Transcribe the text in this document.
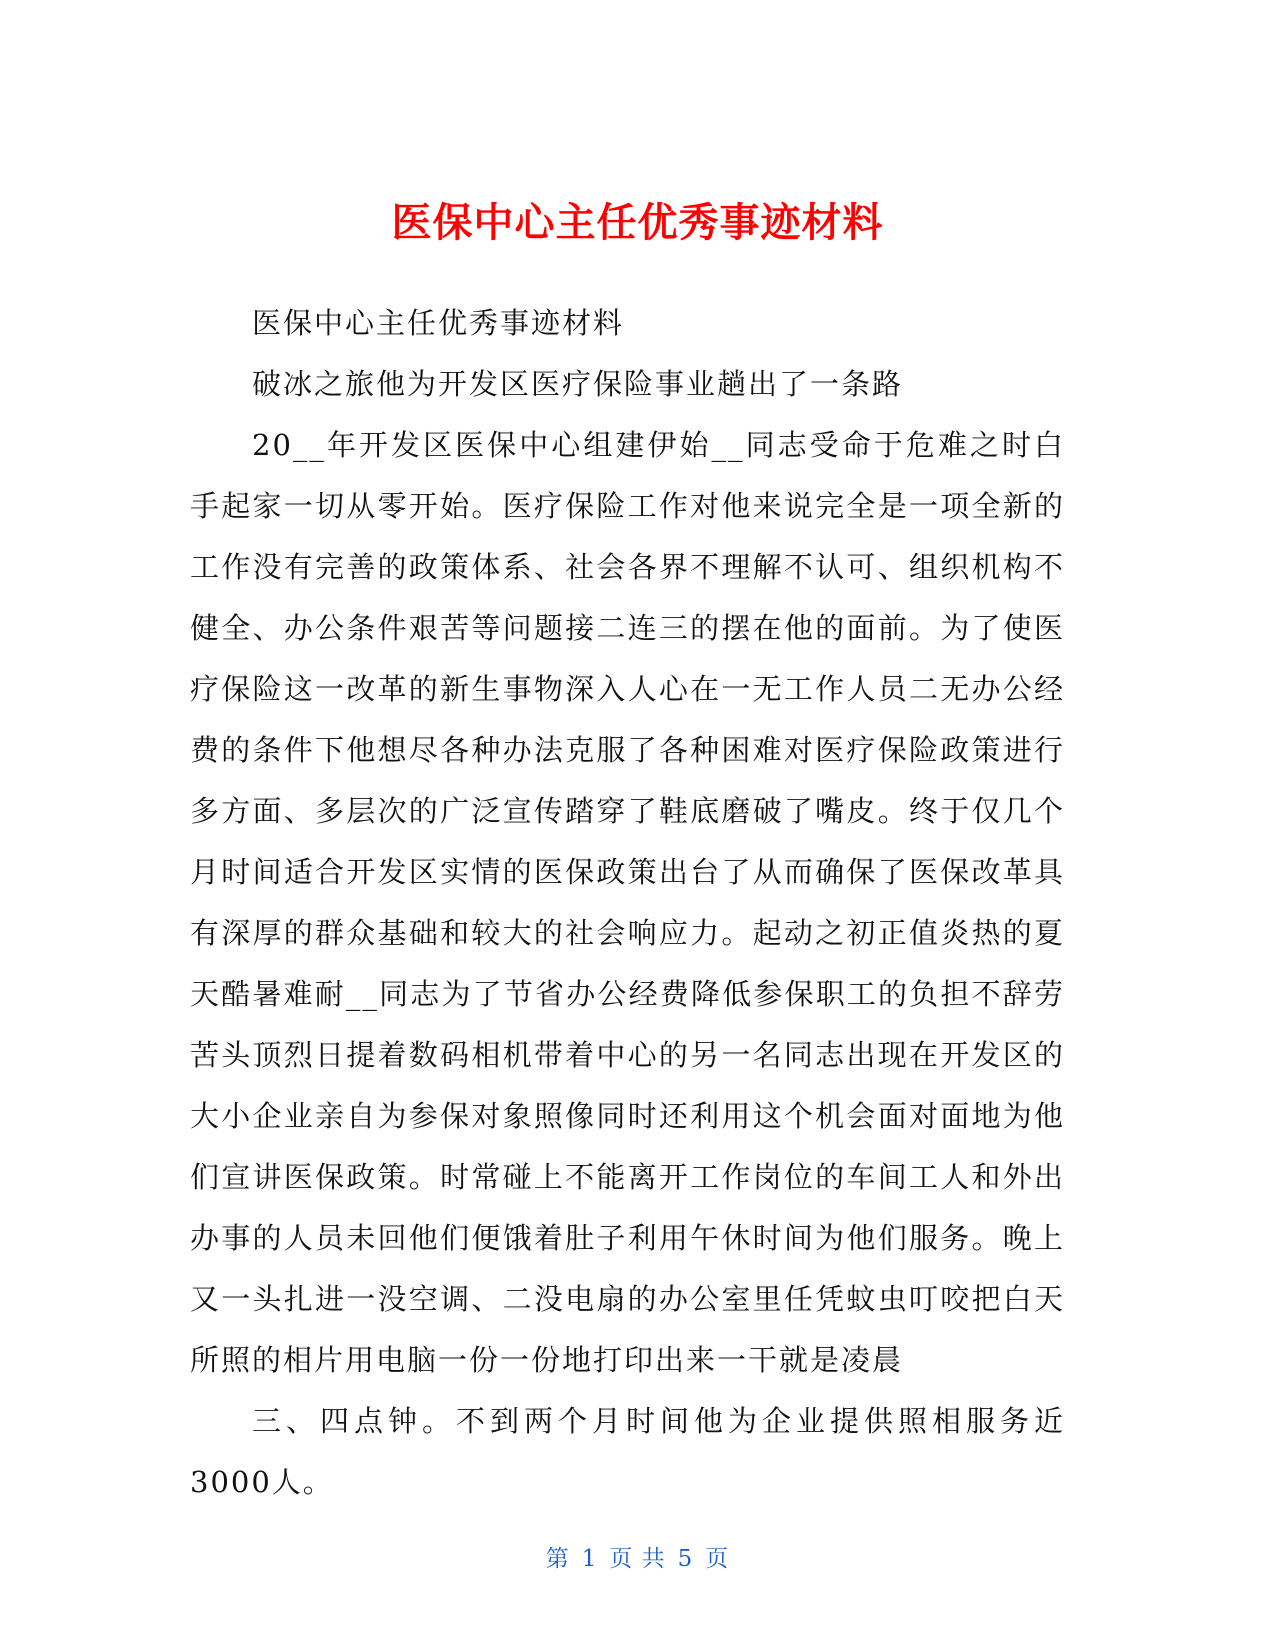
医保中心主任优秀事迹材料

医保中心主任优秀事迹材料

破冰之旅他为开发区医疗保险事业趟出了一条路

20__年开发区医保中心组建伊始__同志受命于危难之时白手起家一切从零开始。医疗保险工作对他来说完全是一项全新的工作没有完善的政策体系、社会各界不理解不认可、组织机构不健全、办公条件艰苦等问题接二连三的摆在他的面前。为了使医疗保险这一改革的新生事物深入人心在一无工作人员二无办公经费的条件下他想尽各种办法克服了各种困难对医疗保险政策进行多方面、多层次的广泛宣传踏穿了鞋底磨破了嘴皮。终于仅几个月时间适合开发区实情的医保政策出台了从而确保了医保改革具有深厚的群众基础和较大的社会响应力。起动之初正值炎热的夏天酷暑难耐__同志为了节省办公经费降低参保职工的负担不辞劳苦头顶烈日提着数码相机带着中心的另一名同志出现在开发区的大小企业亲自为参保对象照像同时还利用这个机会面对面地为他们宣讲医保政策。时常碰上不能离开工作岗位的车间工人和外出办事的人员未回他们便饿着肚子利用午休时间为他们服务。晚上又一头扎进一没空调、二没电扇的办公室里任凭蚊虫叮咬把白天所照的相片用电脑一份一份地打印出来一干就是凌晨

三、四点钟。不到两个月时间他为企业提供照相服务近3000人。

第 1 页 共 5 页
